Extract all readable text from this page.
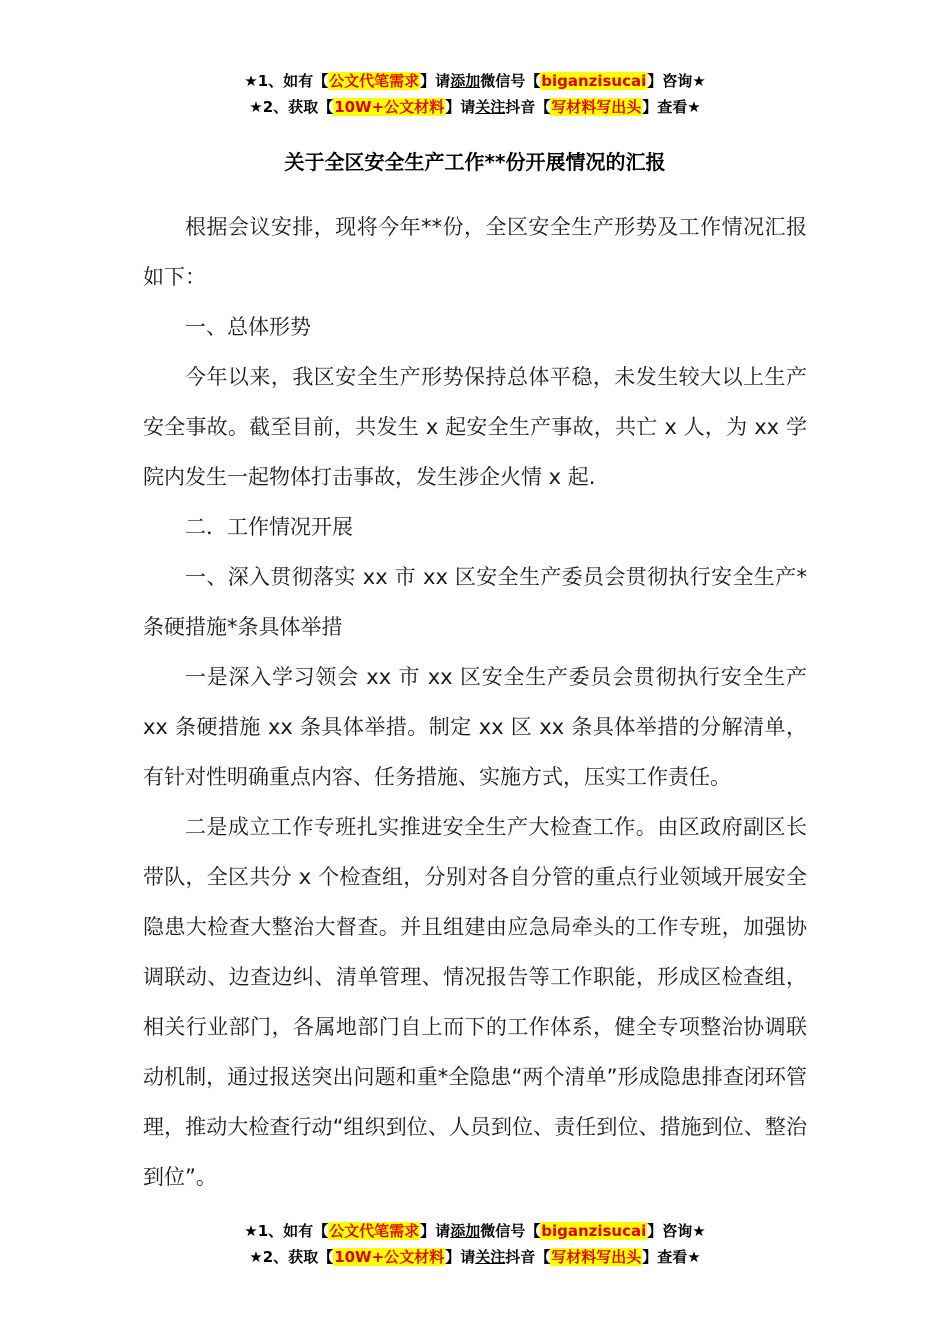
★1、如有【公文代笔需求】请添加微信号【biganzisucai】咨询★
★2、获取【10W+公文材料】请关注抖音【写材料写出头】查看★
关于全区安全生产工作**份开展情况的汇报

根据会议安排，现将今年**份，全区安全生产形势及工作情况汇报如下：

一、总体形势

今年以来，我区安全生产形势保持总体平稳，未发生较大以上生产安全事故。截至目前，共发生 x 起安全生产事故，共亡 x 人，为 xx 学院内发生一起物体打击事故，发生涉企火情 x 起.

二．工作情况开展

一、深入贯彻落实 xx 市 xx 区安全生产委员会贯彻执行安全生产*条硬措施*条具体举措

一是深入学习领会 xx 市 xx 区安全生产委员会贯彻执行安全生产 xx 条硬措施 xx 条具体举措。制定 xx 区 xx 条具体举措的分解清单，有针对性明确重点内容、任务措施、实施方式，压实工作责任。

二是成立工作专班扎实推进安全生产大检查工作。由区政府副区长带队，全区共分 x 个检查组，分别对各自分管的重点行业领域开展安全隐患大检查大整治大督查。并且组建由应急局牵头的工作专班，加强协调联动、边查边纠、清单管理、情况报告等工作职能，形成区检查组，相关行业部门，各属地部门自上而下的工作体系，健全专项整治协调联动机制，通过报送突出问题和重*全隐患“两个清单”形成隐患排查闭环管理，推动大检查行动“组织到位、人员到位、责任到位、措施到位、整治到位”。

★1、如有【公文代笔需求】请添加微信号【biganzisucai】咨询★
★2、获取【10W+公文材料】请关注抖音【写材料写出头】查看★
